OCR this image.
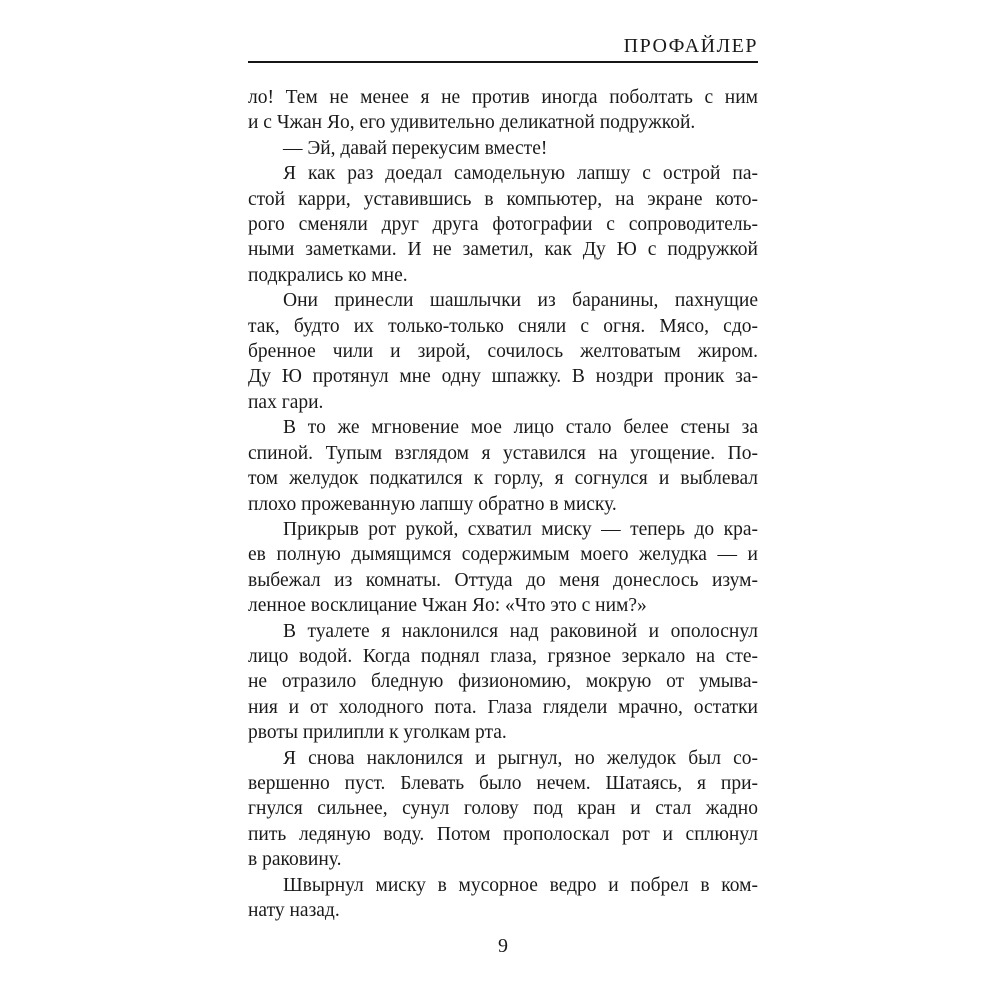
ПРОФАЙЛЕР
ло! Тем не менее я не против иногда поболтать с ним
и с Чжан Яо, его удивительно деликатной подружкой.
— Эй, давай перекусим вместе!
Я как раз доедал самодельную лапшу с острой па-
стой карри, уставившись в компьютер, на экране кото-
рого сменяли друг друга фотографии с сопроводитель-
ными заметками. И не заметил, как Ду Ю с подружкой
подкрались ко мне.
Они принесли шашлычки из баранины, пахнущие
так, будто их только-только сняли с огня. Мясо, сдо-
бренное чили и зирой, сочилось желтоватым жиром.
Ду Ю протянул мне одну шпажку. В ноздри проник за-
пах гари.
В то же мгновение мое лицо стало белее стены за
спиной. Тупым взглядом я уставился на угощение. По-
том желудок подкатился к горлу, я согнулся и выблевал
плохо прожеванную лапшу обратно в миску.
Прикрыв рот рукой, схватил миску — теперь до кра-
ев полную дымящимся содержимым моего желудка — и
выбежал из комнаты. Оттуда до меня донеслось изум-
ленное восклицание Чжан Яо: «Что это с ним?»
В туалете я наклонился над раковиной и ополоснул
лицо водой. Когда поднял глаза, грязное зеркало на сте-
не отразило бледную физиономию, мокрую от умыва-
ния и от холодного пота. Глаза глядели мрачно, остатки
рвоты прилипли к уголкам рта.
Я снова наклонился и рыгнул, но желудок был со-
вершенно пуст. Блевать было нечем. Шатаясь, я при-
гнулся сильнее, сунул голову под кран и стал жадно
пить ледяную воду. Потом прополоскал рот и сплюнул
в раковину.
Швырнул миску в мусорное ведро и побрел в ком-
нату назад.
9
